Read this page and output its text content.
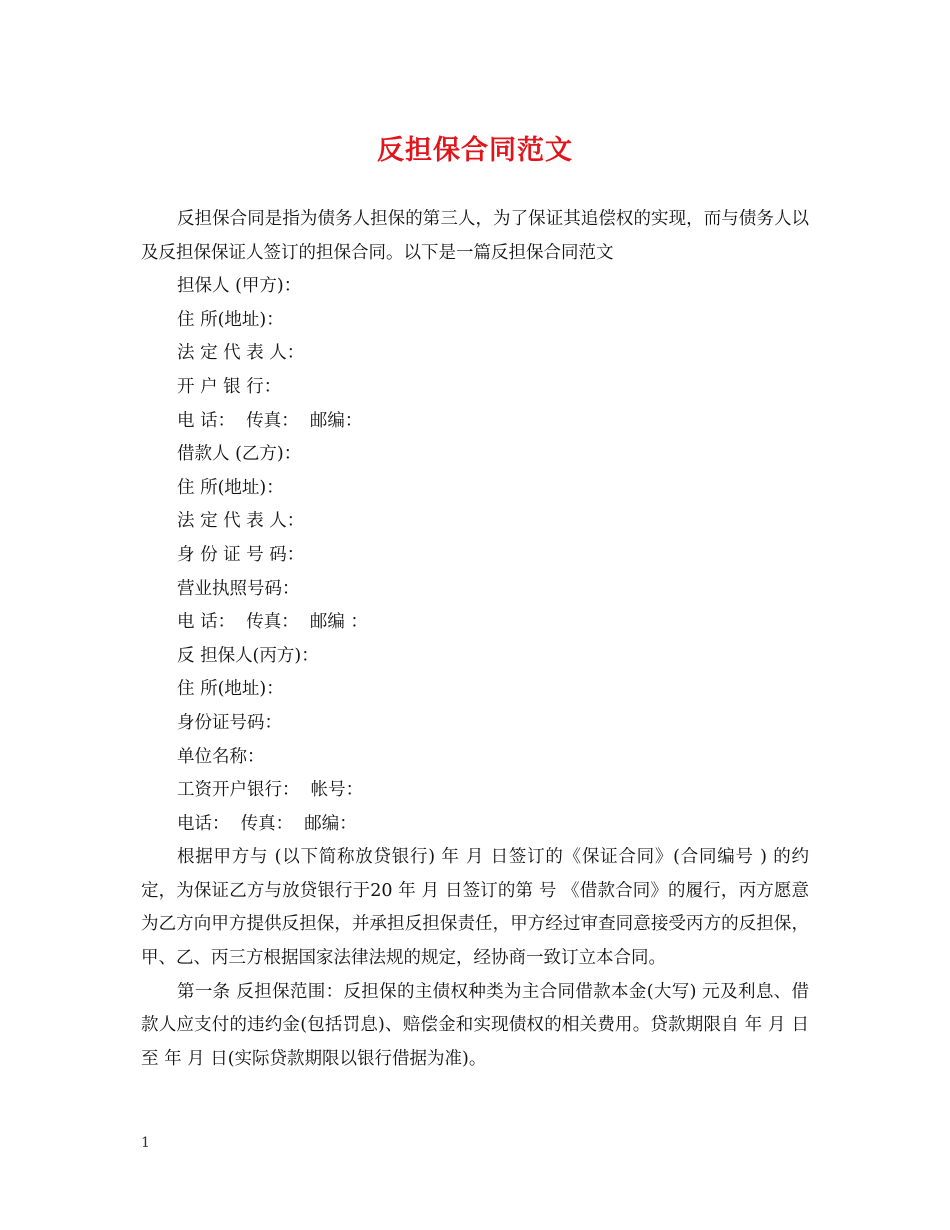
反担保合同范文

反担保合同是指为债务人担保的第三人，为了保证其追偿权的实现，而与债务人以及反担保保证人签订的担保合同。以下是一篇反担保合同范文

担保人 (甲方)：

住 所(地址)：

法 定 代 表 人：

开 户 银 行：

电 话：  传真：  邮编：

借款人 (乙方)：

住 所(地址)：

法 定 代 表 人：

身 份 证 号 码：

营业执照号码：

电 话：  传真：  邮编 ：

反 担保人(丙方)：

住 所(地址)：

身份证号码：

单位名称：

工资开户银行：  帐号：

电话：  传真：  邮编：

根据甲方与 (以下简称放贷银行) 年 月 日签订的《保证合同》(合同编号 ) 的约定，为保证乙方与放贷银行于20 年 月 日签订的第 号 《借款合同》的履行，丙方愿意为乙方向甲方提供反担保，并承担反担保责任，甲方经过审查同意接受丙方的反担保，甲、乙、丙三方根据国家法律法规的规定，经协商一致订立本合同。

第一条 反担保范围：反担保的主债权种类为主合同借款本金(大写) 元及利息、借款人应支付的违约金(包括罚息)、赔偿金和实现债权的相关费用。贷款期限自 年 月 日至 年 月 日(实际贷款期限以银行借据为准)。

1
